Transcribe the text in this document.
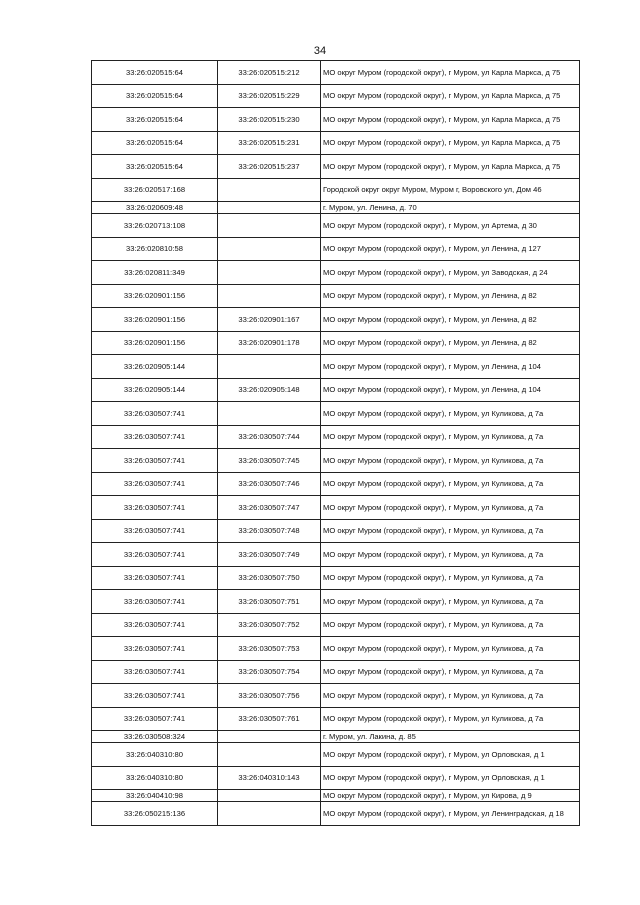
34
33:26:020515:64	33:26:020515:212	МО округ Муром (городской округ), г Муром, ул Карла Маркса, д 75
33:26:020515:64	33:26:020515:229	МО округ Муром (городской округ), г Муром, ул Карла Маркса, д 75
33:26:020515:64	33:26:020515:230	МО округ Муром (городской округ), г Муром, ул Карла Маркса, д 75
33:26:020515:64	33:26:020515:231	МО округ Муром (городской округ), г Муром, ул Карла Маркса, д 75
33:26:020515:64	33:26:020515:237	МО округ Муром (городской округ), г Муром, ул Карла Маркса, д 75
33:26:020517:168		Городской округ округ Муром, Муром г, Воровского ул, Дом 46
33:26:020609:48		г. Муром, ул. Ленина, д. 70
33:26:020713:108		МО округ Муром (городской округ), г Муром, ул Артема, д 30
33:26:020810:58		МО округ Муром (городской округ), г Муром, ул Ленина, д 127
33:26:020811:349		МО округ Муром (городской округ), г Муром, ул Заводская, д 24
33:26:020901:156		МО округ Муром (городской округ), г Муром, ул Ленина, д 82
33:26:020901:156	33:26:020901:167	МО округ Муром (городской округ), г Муром, ул Ленина, д 82
33:26:020901:156	33:26:020901:178	МО округ Муром (городской округ), г Муром, ул Ленина, д 82
33:26:020905:144		МО округ Муром (городской округ), г Муром, ул Ленина, д 104
33:26:020905:144	33:26:020905:148	МО округ Муром (городской округ), г Муром, ул Ленина, д 104
33:26:030507:741		МО округ Муром (городской округ), г Муром, ул Куликова, д 7а
33:26:030507:741	33:26:030507:744	МО округ Муром (городской округ), г Муром, ул Куликова, д 7а
33:26:030507:741	33:26:030507:745	МО округ Муром (городской округ), г Муром, ул Куликова, д 7а
33:26:030507:741	33:26:030507:746	МО округ Муром (городской округ), г Муром, ул Куликова, д 7а
33:26:030507:741	33:26:030507:747	МО округ Муром (городской округ), г Муром, ул Куликова, д 7а
33:26:030507:741	33:26:030507:748	МО округ Муром (городской округ), г Муром, ул Куликова, д 7а
33:26:030507:741	33:26:030507:749	МО округ Муром (городской округ), г Муром, ул Куликова, д 7а
33:26:030507:741	33:26:030507:750	МО округ Муром (городской округ), г Муром, ул Куликова, д 7а
33:26:030507:741	33:26:030507:751	МО округ Муром (городской округ), г Муром, ул Куликова, д 7а
33:26:030507:741	33:26:030507:752	МО округ Муром (городской округ), г Муром, ул Куликова, д 7а
33:26:030507:741	33:26:030507:753	МО округ Муром (городской округ), г Муром, ул Куликова, д 7а
33:26:030507:741	33:26:030507:754	МО округ Муром (городской округ), г Муром, ул Куликова, д 7а
33:26:030507:741	33:26:030507:756	МО округ Муром (городской округ), г Муром, ул Куликова, д 7а
33:26:030507:741	33:26:030507:761	МО округ Муром (городской округ), г Муром, ул Куликова, д 7а
33:26:030508:324		г. Муром, ул. Лакина, д. 85
33:26:040310:80		МО округ Муром (городской округ), г Муром, ул Орловская, д 1
33:26:040310:80	33:26:040310:143	МО округ Муром (городской округ), г Муром, ул Орловская, д 1
33:26:040410:98		МО округ Муром (городской округ), г Муром, ул Кирова, д 9
33:26:050215:136		МО округ Муром (городской округ), г Муром, ул Ленинградская, д 18
